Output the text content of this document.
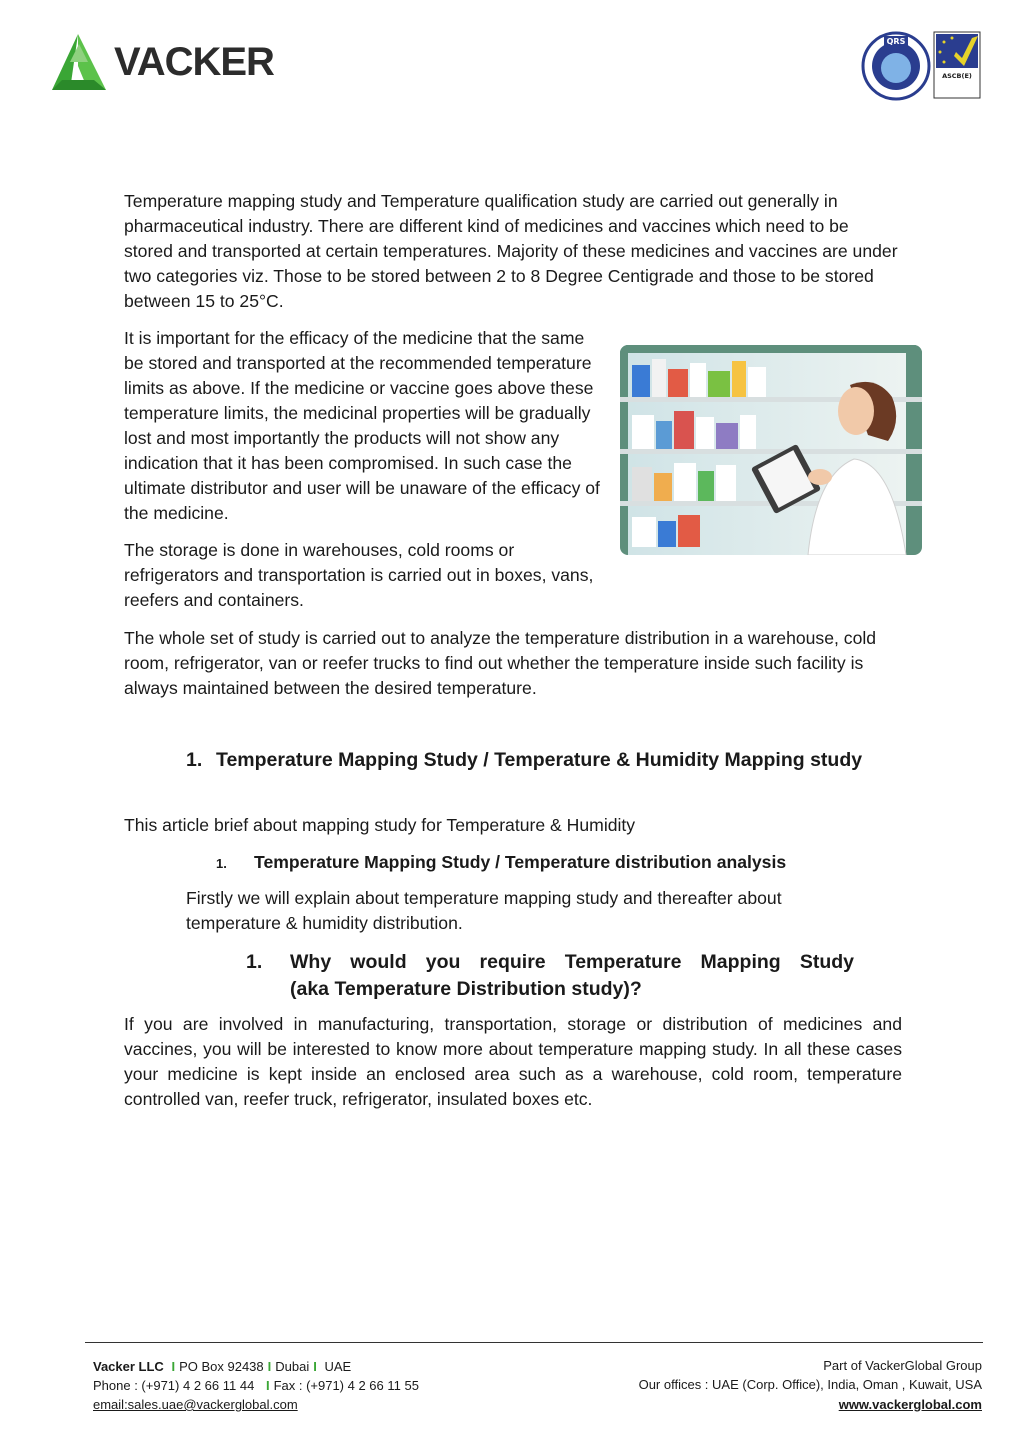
VACKER	QRS
ASCB(E)

Temperature mapping study and Temperature qualification study are carried out generally in pharmaceutical industry. There are different kind of medicines and vaccines which need to be stored and transported at certain temperatures. Majority of these medicines and vaccines are under two categories viz. Those to be stored between 2 to 8 Degree Centigrade and those to be stored between 15 to 25°C.

It is important for the efficacy of the medicine that the same be stored and transported at the recommended temperature limits as above. If the medicine or vaccine goes above these temperature limits, the medicinal properties will be gradually lost and most importantly the products will not show any indication that it has been compromised. In such case the ultimate distributor and user will be unaware of the efficacy of the medicine.

The storage is done in warehouses, cold rooms or refrigerators and transportation is carried out in boxes, vans, reefers and containers.

The whole set of study is carried out to analyze the temperature distribution in a warehouse, cold room, refrigerator, van or reefer trucks to find out whether the temperature inside such facility is always maintained between the desired temperature.

1. Temperature Mapping Study / Temperature & Humidity Mapping study

This article brief about mapping study for Temperature & Humidity

1. Temperature Mapping Study / Temperature distribution analysis

Firstly we will explain about temperature mapping study and thereafter about temperature & humidity distribution.

1. Why would you require Temperature Mapping Study

(aka Temperature Distribution study)?

If you are involved in manufacturing, transportation, storage or distribution of medicines and vaccines, you will be interested to know more about temperature mapping study. In all these cases your medicine is kept inside an enclosed area such as a warehouse, cold room, temperature controlled van, reefer truck, refrigerator, insulated boxes etc.

Vacker LLC I PO Box 92438 I Dubai I UAE
Phone : (+971) 4 2 66 11 44 I Fax : (+971) 4 2 66 11 55
email:sales.uae@vackerglobal.com
Part of VackerGlobal Group
Our offices : UAE (Corp. Office), India, Oman , Kuwait, USA
www.vackerglobal.com
